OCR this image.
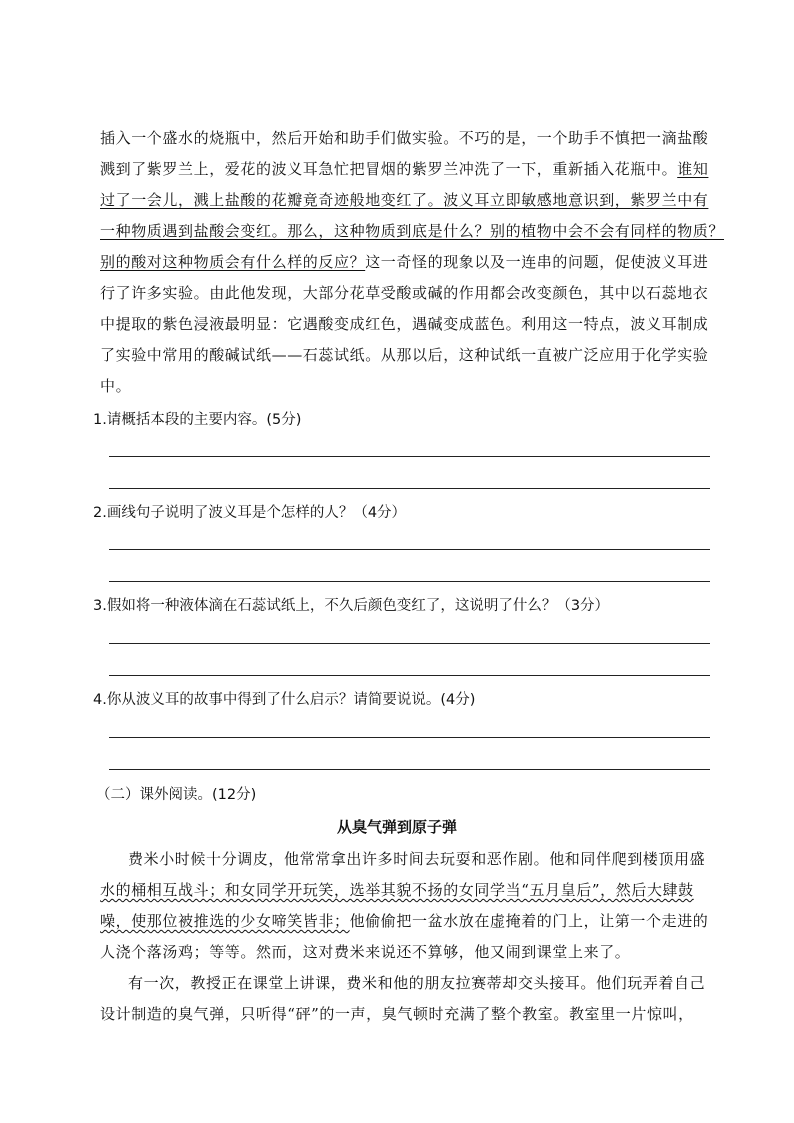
插入一个盛水的烧瓶中，然后开始和助手们做实验。不巧的是，一个助手不慎把一滴盐酸
溅到了紫罗兰上，爱花的波义耳急忙把冒烟的紫罗兰冲洗了一下，重新插入花瓶中。谁知
过了一会儿，溅上盐酸的花瓣竟奇迹般地变红了。波义耳立即敏感地意识到，紫罗兰中有
一种物质遇到盐酸会变红。那么，这种物质到底是什么？别的植物中会不会有同样的物质？
别的酸对这种物质会有什么样的反应？这一奇怪的现象以及一连串的问题，促使波义耳进
行了许多实验。由此他发现，大部分花草受酸或碱的作用都会改变颜色，其中以石蕊地衣
中提取的紫色浸液最明显：它遇酸变成红色，遇碱变成蓝色。利用这一特点，波义耳制成
了实验中常用的酸碱试纸——石蕊试纸。从那以后，这种试纸一直被广泛应用于化学实验
中。
1.请概括本段的主要内容。(5分)
2.画线句子说明了波义耳是个怎样的人？（4分）
3.假如将一种液体滴在石蕊试纸上，不久后颜色变红了，这说明了什么？（3分）
4.你从波义耳的故事中得到了什么启示？请简要说说。(4分)
（二）课外阅读。(12分)
从臭气弹到原子弹
费米小时候十分调皮，他常常拿出许多时间去玩耍和恶作剧。他和同伴爬到楼顶用盛
水的桶相互战斗；和女同学开玩笑，选举其貌不扬的女同学当“五月皇后”，然后大肆鼓
噪，使那位被推选的少女啼笑皆非；他偷偷把一盆水放在虚掩着的门上，让第一个走进的
人浇个落汤鸡；等等。然而，这对费米来说还不算够，他又闹到课堂上来了。
有一次，教授正在课堂上讲课，费米和他的朋友拉赛蒂却交头接耳。他们玩弄着自己
设计制造的臭气弹，只听得“砰”的一声，臭气顿时充满了整个教室。教室里一片惊叫，
